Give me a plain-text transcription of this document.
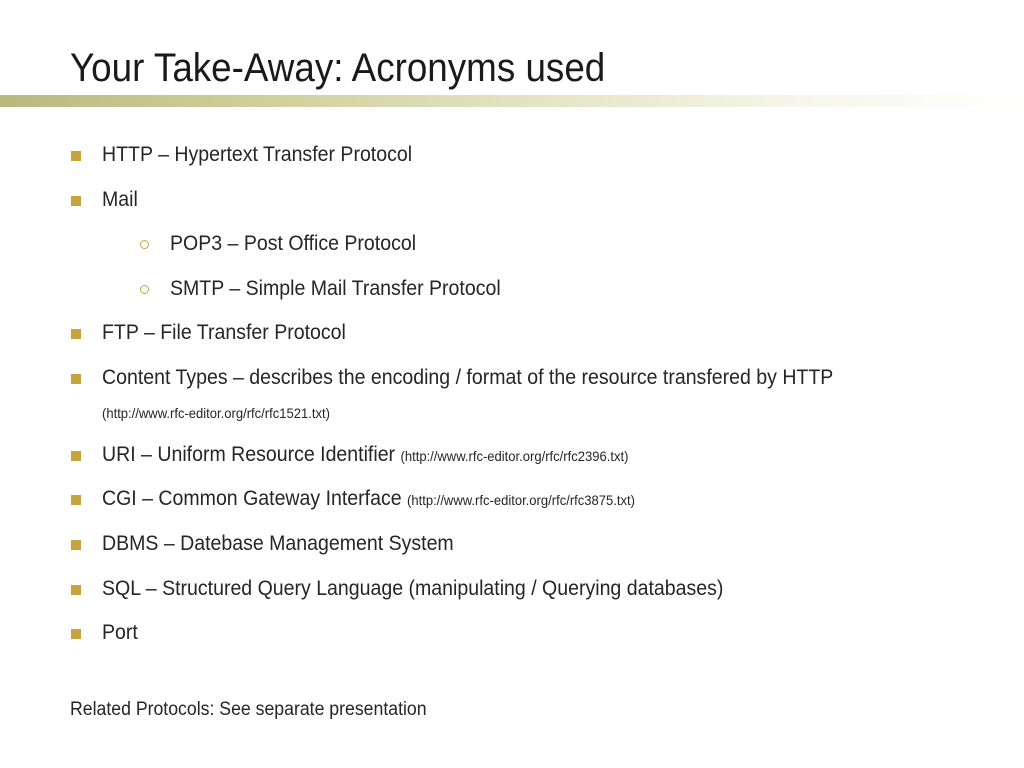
Your Take-Away: Acronyms used
HTTP – Hypertext Transfer Protocol
Mail
POP3 – Post Office Protocol
SMTP – Simple Mail Transfer Protocol
FTP – File Transfer Protocol
Content Types – describes the encoding / format of the resource transfered by HTTP (http://www.rfc-editor.org/rfc/rfc1521.txt)
URI – Uniform Resource Identifier (http://www.rfc-editor.org/rfc/rfc2396.txt)
CGI – Common Gateway Interface (http://www.rfc-editor.org/rfc/rfc3875.txt)
DBMS – Datebase Management System
SQL – Structured Query Language (manipulating / Querying databases)
Port
Related Protocols: See separate presentation
